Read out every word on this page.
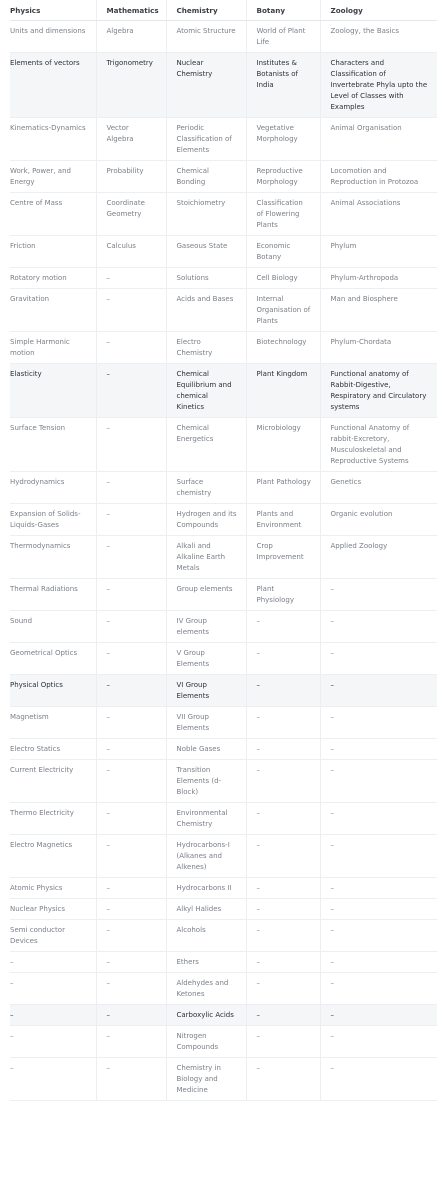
Physics	Mathematics	Chemistry	Botany	Zoology
Units and dimensions	Algebra	Atomic Structure	World of Plant Life	Zoology, the Basics
Elements of vectors	Trigonometry	Nuclear Chemistry	Institutes & Botanists of India	Characters and Classification of Invertebrate Phyla upto the Level of Classes with Examples
Kinematics-Dynamics	Vector Algebra	Periodic Classification of Elements	Vegetative Morphology	Animal Organisation
Work, Power, and Energy	Probability	Chemical Bonding	Reproductive Morphology	Locomotion and Reproduction in Protozoa
Centre of Mass	Coordinate Geometry	Stoichiometry	Classification of Flowering Plants	Animal Associations
Friction	Calculus	Gaseous State	Economic Botany	Phylum
Rotatory motion	–	Solutions	Cell Biology	Phylum-Arthropoda
Gravitation	–	Acids and Bases	Internal Organisation of Plants	Man and Biosphere
Simple Harmonic motion	–	Electro Chemistry	Biotechnology	Phylum-Chordata
Elasticity	–	Chemical Equilibrium and chemical Kinetics	Plant Kingdom	Functional anatomy of Rabbit-Digestive, Respiratory and Circulatory systems
Surface Tension	–	Chemical Energetics	Microbiology	Functional Anatomy of rabbit-Excretory, Musculoskeletal and Reproductive Systems
Hydrodynamics	–	Surface chemistry	Plant Pathology	Genetics
Expansion of Solids- Liquids-Gases	–	Hydrogen and its Compounds	Plants and Environment	Organic evolution
Thermodynamics	–	Alkali and Alkaline Earth Metals	Crop Improvement	Applied Zoology
Thermal Radiations	–	Group elements	Plant Physiology	–
Sound	–	IV Group elements	–	–
Geometrical Optics	–	V Group Elements	–	–
Physical Optics	–	VI Group Elements	–	–
Magnetism	–	VII Group Elements	–	–
Electro Statics	–	Noble Gases	–	–
Current Electricity	–	Transition Elements (d-Block)	–	–
Thermo Electricity	–	Environmental Chemistry	–	–
Electro Magnetics	–	Hydrocarbons-I (Alkanes and Alkenes)	–	–
Atomic Physics	–	Hydrocarbons II	–	–
Nuclear Physics	–	Alkyl Halides	–	–
Semi conductor Devices	–	Alcohols	–	–
–	–	Ethers	–	–
–	–	Aldehydes and Ketones	–	–
–	–	Carboxylic Acids	–	–
–	–	Nitrogen Compounds	–	–
–	–	Chemistry in Biology and Medicine	–	–
